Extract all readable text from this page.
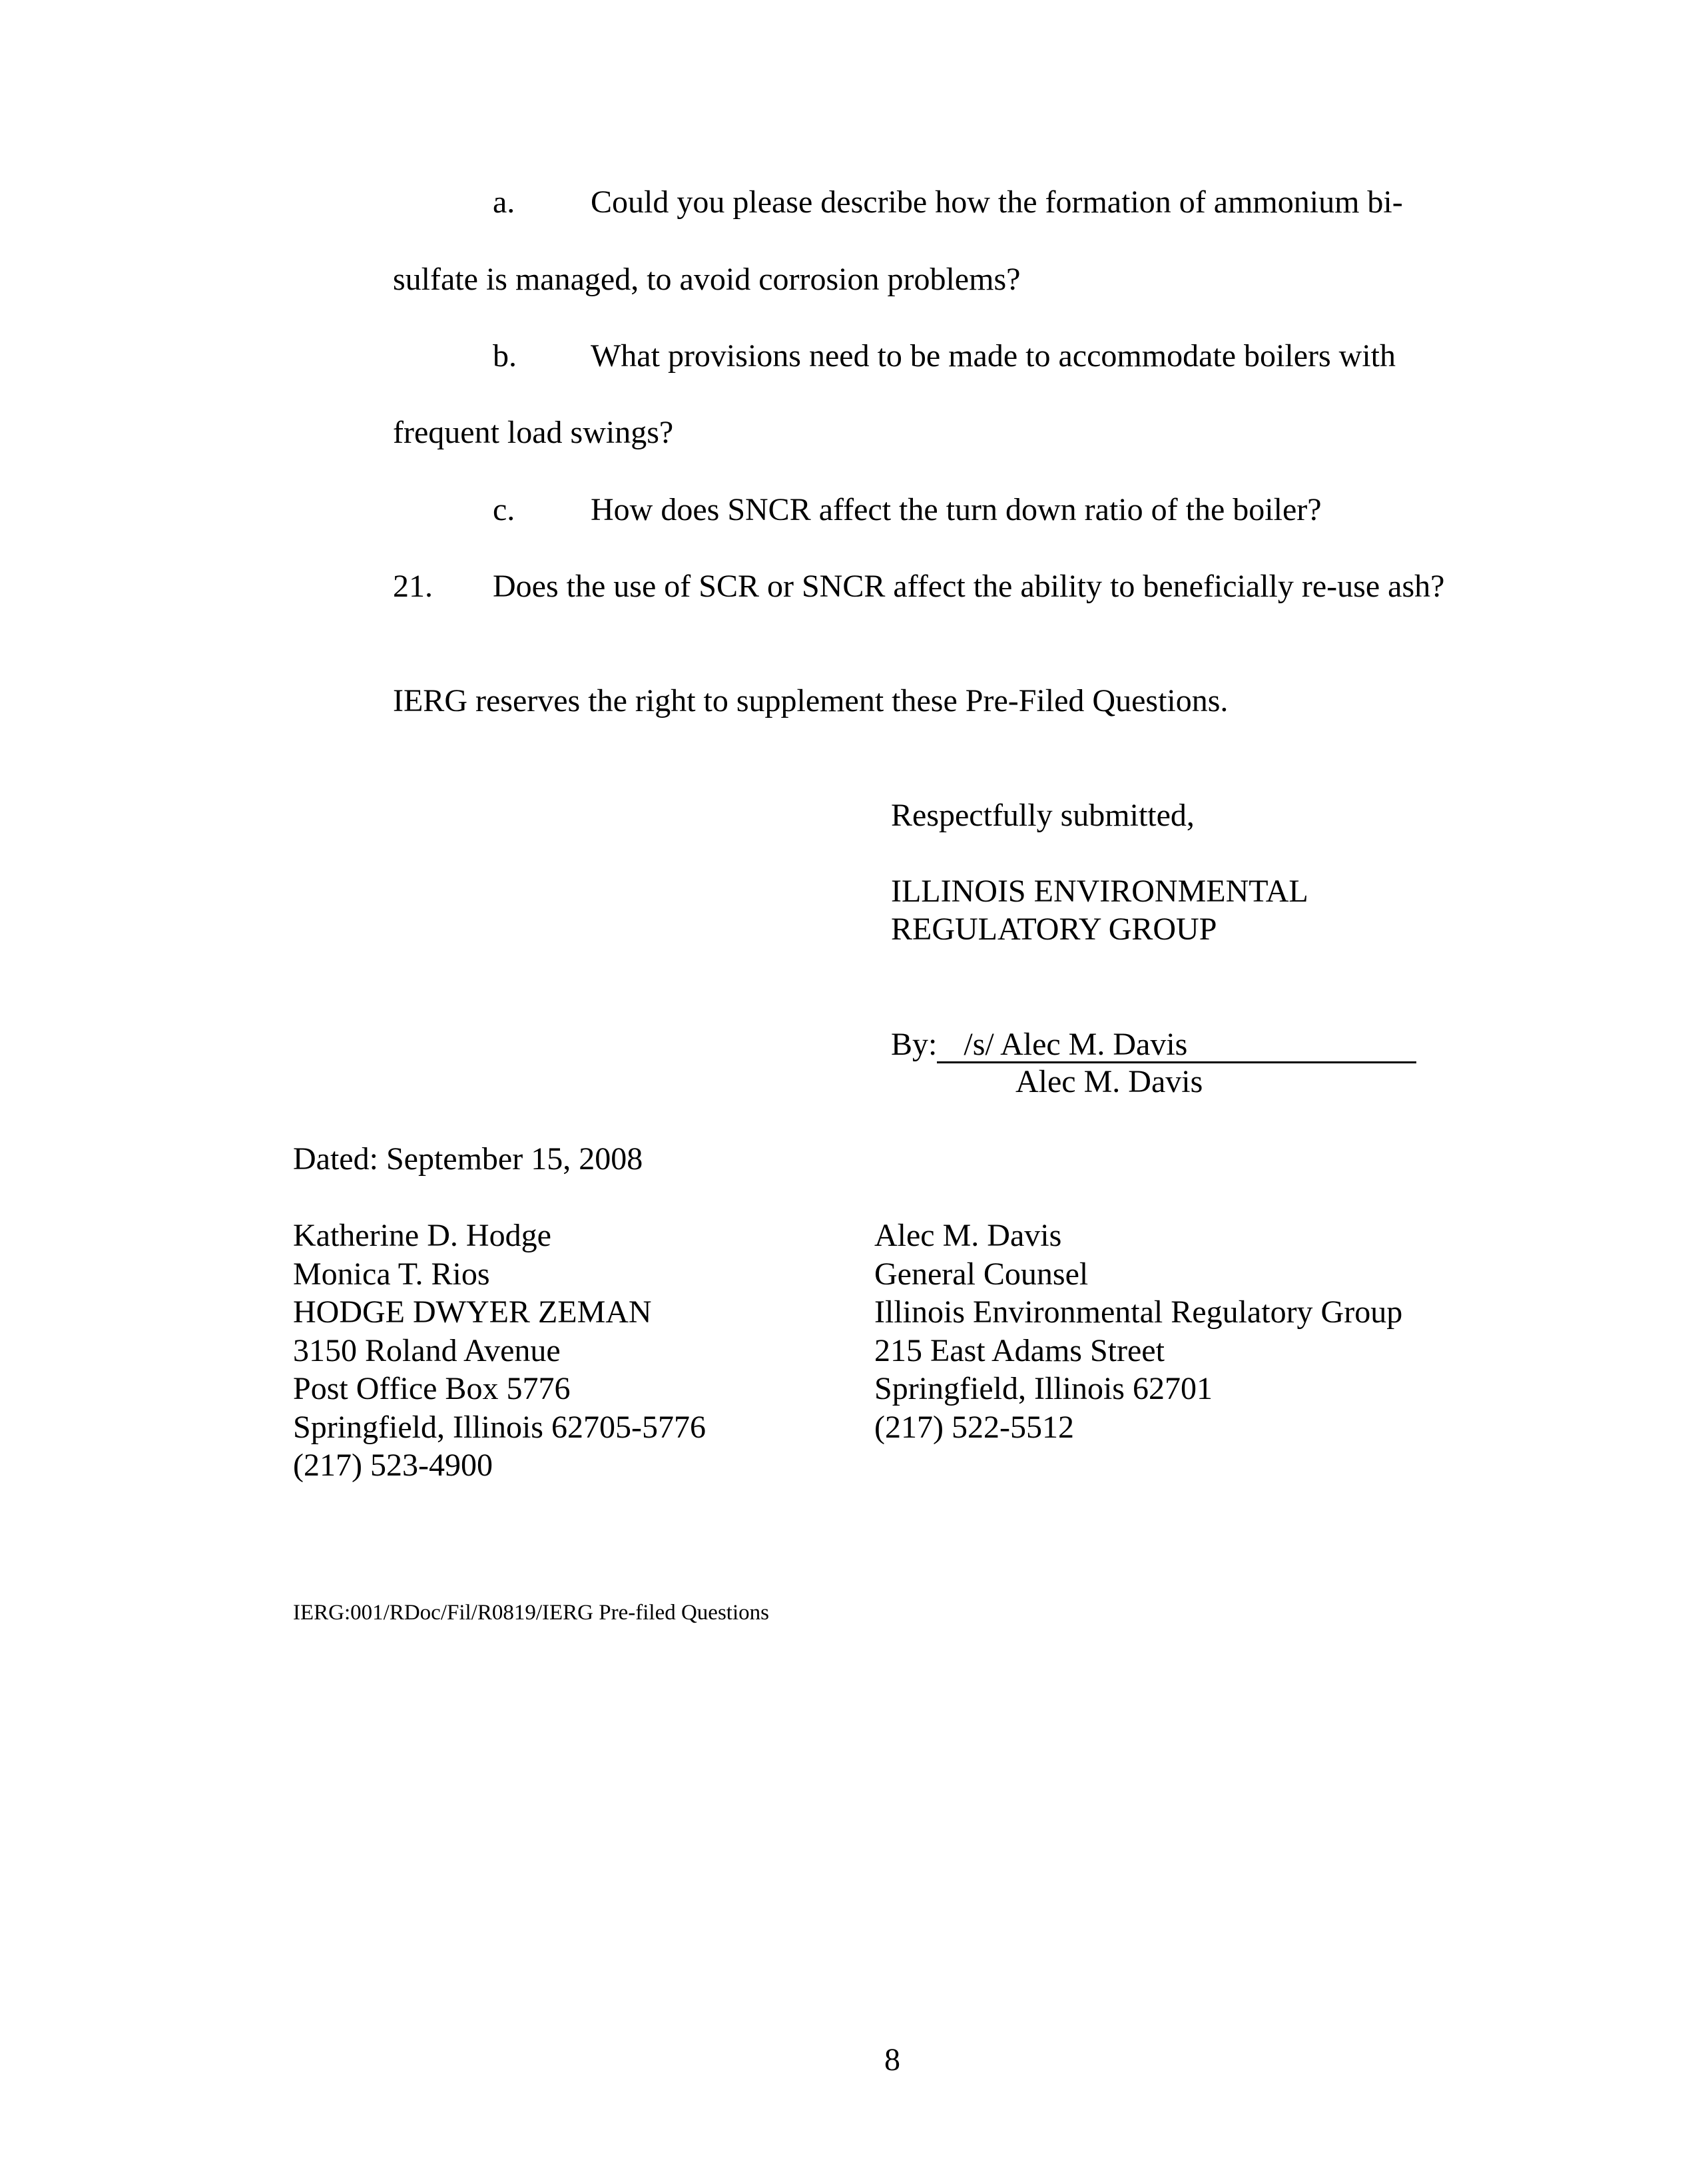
a. Could you please describe how the formation of ammonium bi-

sulfate is managed, to avoid corrosion problems?

b. What provisions need to be made to accommodate boilers with

frequent load swings?

c. How does SNCR affect the turn down ratio of the boiler?

21. Does the use of SCR or SNCR affect the ability to beneficially re-use ash?

IERG reserves the right to supplement these Pre-Filed Questions.

Respectfully submitted,

ILLINOIS ENVIRONMENTAL

REGULATORY GROUP

By: /s/ Alec M. Davis

Alec M. Davis

Dated: September 15, 2008

Katherine D. Hodge
Monica T. Rios
HODGE DWYER ZEMAN
3150 Roland Avenue
Post Office Box 5776
Springfield, Illinois 62705-5776
(217) 523-4900
Alec M. Davis
General Counsel
Illinois Environmental Regulatory Group
215 East Adams Street
Springfield, Illinois 62701
(217) 522-5512

IERG:001/RDoc/Fil/R0819/IERG Pre-filed Questions

8
